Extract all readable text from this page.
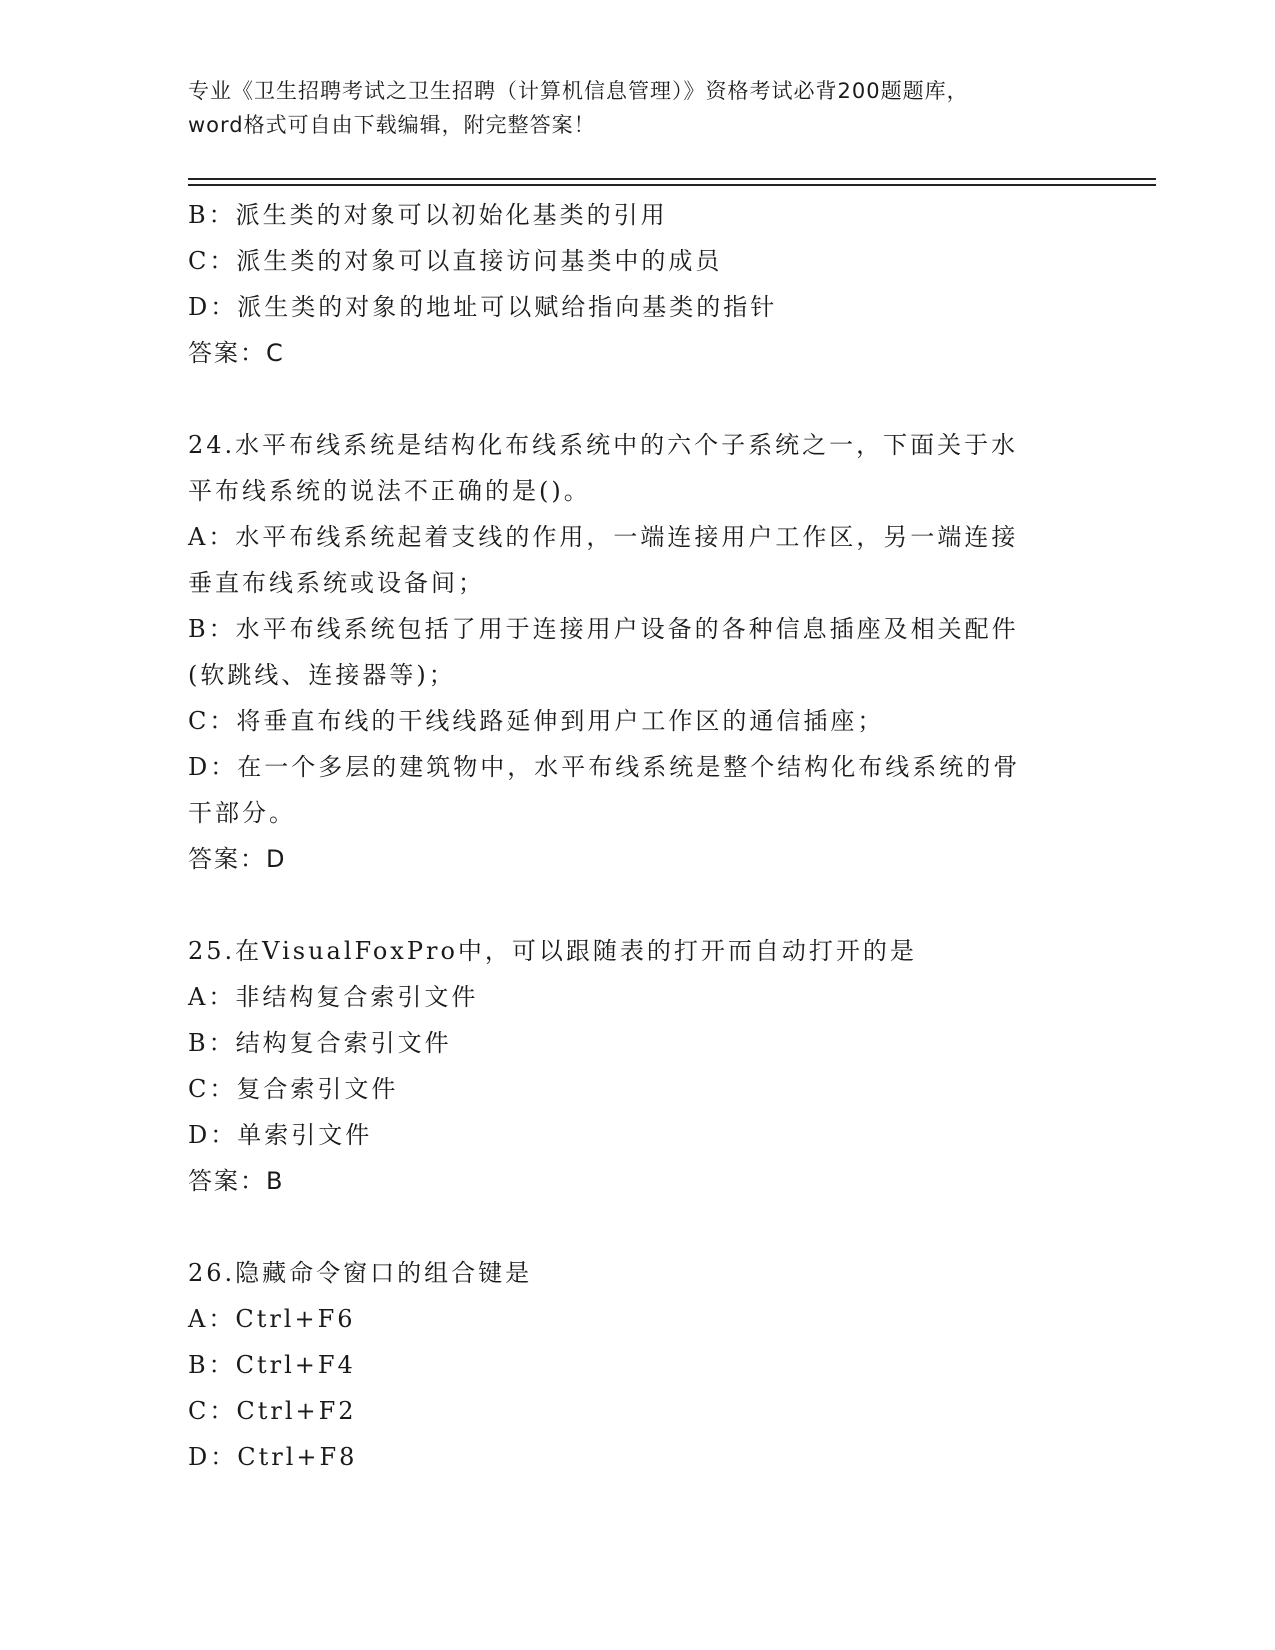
专业《卫生招聘考试之卫生招聘（计算机信息管理）》资格考试必背200题题库，
word格式可自由下载编辑，附完整答案！
B：派生类的对象可以初始化基类的引用
C：派生类的对象可以直接访问基类中的成员
D：派生类的对象的地址可以赋给指向基类的指针
答案：C
24.水平布线系统是结构化布线系统中的六个子系统之一，下面关于水
平布线系统的说法不正确的是()。
A：水平布线系统起着支线的作用，一端连接用户工作区，另一端连接
垂直布线系统或设备间；
B：水平布线系统包括了用于连接用户设备的各种信息插座及相关配件
(软跳线、连接器等)；
C：将垂直布线的干线线路延伸到用户工作区的通信插座；
D：在一个多层的建筑物中，水平布线系统是整个结构化布线系统的骨
干部分。
答案：D
25.在VisualFoxPro中，可以跟随表的打开而自动打开的是
A：非结构复合索引文件
B：结构复合索引文件
C：复合索引文件
D：单索引文件
答案：B
26.隐藏命令窗口的组合键是
A：Ctrl+F6
B：Ctrl+F4
C：Ctrl+F2
D：Ctrl+F8
